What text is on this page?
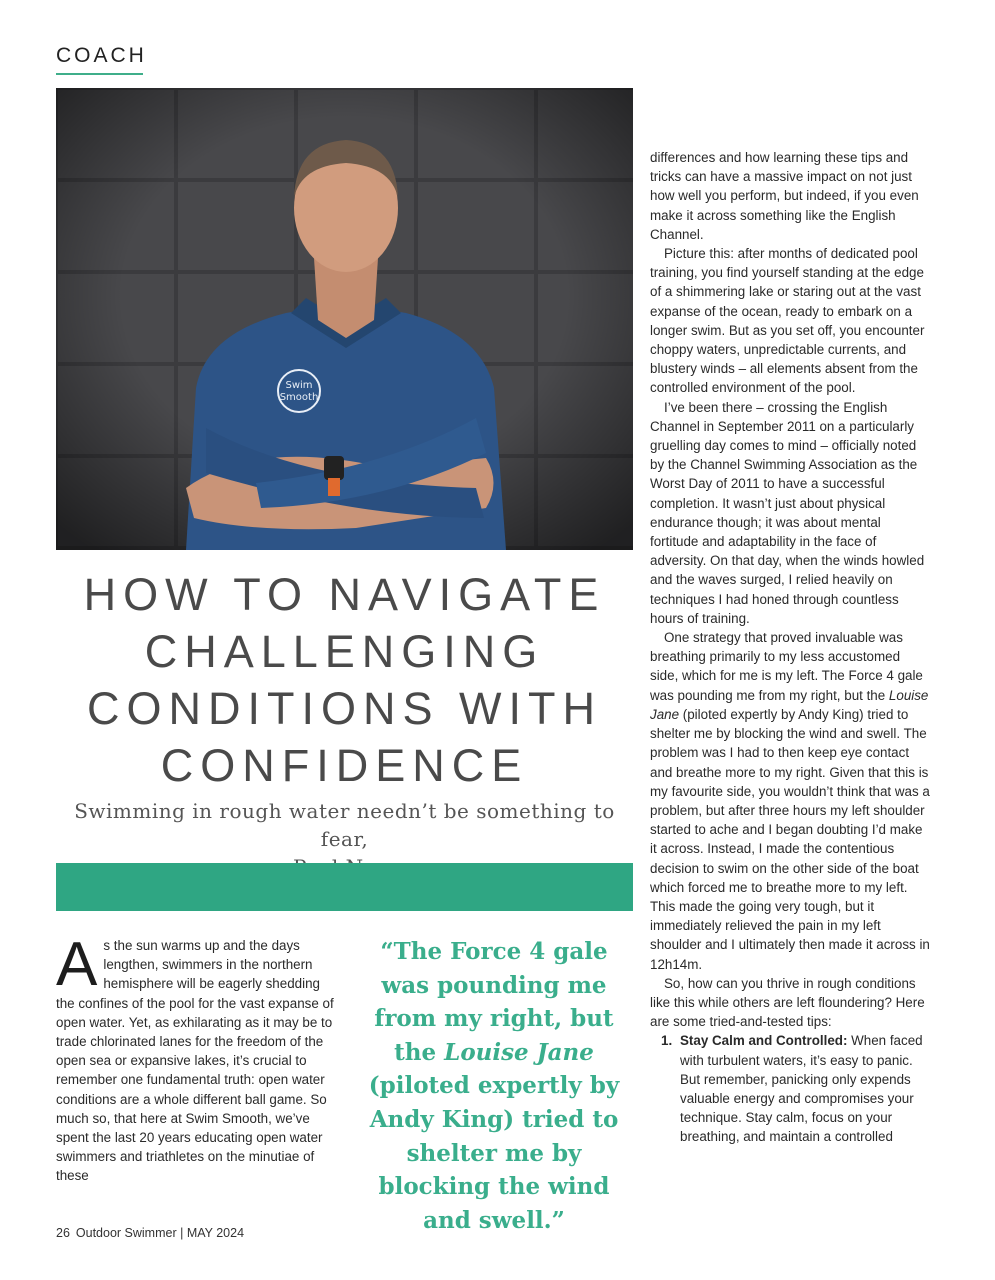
COACH
Swim
Smooth
HOW TO NAVIGATE
CHALLENGING
CONDITIONS WITH
CONFIDENCE
Swimming in rough water needn’t be something to fear,

As the sun warms up and the days lengthen, swimmers in the northern hemisphere will be eagerly shedding the confines of the pool for the vast expanse of open water. Yet, as exhilarating as it may be to trade chlorinated lanes for the freedom of the open sea or expansive lakes, it’s crucial to remember one fundamental truth: open water conditions are a whole different ball game. So much so, that here at Swim Smooth, we’ve spent the last 20 years educating open water swimmers and triathletes on the minutiae of these

“The Force 4 gale was pounding me from my right, but the Louise Jane (piloted expertly by Andy King) tried to shelter me by blocking the wind and swell.”

differences and how learning these tips and tricks can have a massive impact on not just how well you perform, but indeed, if you even make it across something like the English Channel.

Picture this: after months of dedicated pool training, you find yourself standing at the edge of a shimmering lake or staring out at the vast expanse of the ocean, ready to embark on a longer swim. But as you set off, you encounter choppy waters, unpredictable currents, and blustery winds – all elements absent from the controlled environment of the pool.

I’ve been there – crossing the English Channel in September 2011 on a particularly gruelling day comes to mind – officially noted by the Channel Swimming Association as the Worst Day of 2011 to have a successful completion. It wasn’t just about physical endurance though; it was about mental fortitude and adaptability in the face of adversity. On that day, when the winds howled and the waves surged, I relied heavily on techniques I had honed through countless hours of training.

One strategy that proved invaluable was breathing primarily to my less accustomed side, which for me is my left. The Force 4 gale was pounding me from my right, but the Louise Jane (piloted expertly by Andy King) tried to shelter me by blocking the wind and swell. The problem was I had to then keep eye contact and breathe more to my right. Given that this is my favourite side, you wouldn’t think that was a problem, but after three hours my left shoulder started to ache and I began doubting I’d make it across. Instead, I made the contentious decision to swim on the other side of the boat which forced me to breathe more to my left. This made the going very tough, but it immediately relieved the pain in my left shoulder and I ultimately then made it across in 12h14m.

So, how can you thrive in rough conditions like this while others are left floundering? Here are some tried-and-tested tips:

1. Stay Calm and Controlled: When faced with turbulent waters, it’s easy to panic. But remember, panicking only expends valuable energy and compromises your technique. Stay calm, focus on your breathing, and maintain a controlled

26 Outdoor Swimmer | MAY 2024
